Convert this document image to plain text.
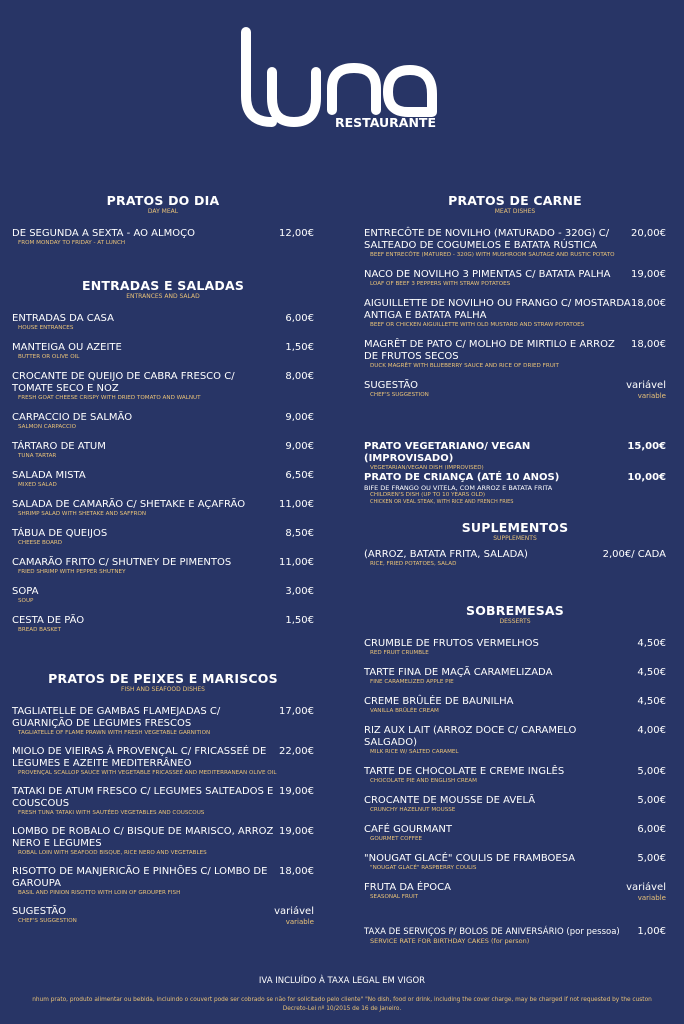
RESTAURANTE
PRATOS DO DIA
DAY MEAL
DE SEGUNDA A SEXTA - AO ALMOÇO	12,00€
FROM MONDAY TO FRIDAY - AT LUNCH
ENTRADAS E SALADAS
ENTRANCES AND SALAD
ENTRADAS DA CASA	6,00€
HOUSE ENTRANCES
MANTEIGA OU AZEITE	1,50€
BUTTER OR OLIVE OIL
CROCANTE DE QUEIJO DE CABRA FRESCO C/ TOMATE SECO E NOZ
8,00€
FRESH GOAT CHEESE CRISPY WITH DRIED TOMATO AND WALNUT
CARPACCIO DE SALMÃO	9,00€
SALMON CARPACCIO
TÁRTARO DE ATUM	9,00€
TUNA TARTAR
SALADA MISTA	6,50€
MIXED SALAD
SALADA DE CAMARÃO C/ SHETAKE E AÇAFRÃO	11,00€
SHRIMP SALAD WITH SHETAKE AND SAFFRON
TÁBUA DE QUEIJOS	8,50€
CHEESE BOARD
CAMARÃO FRITO C/ SHUTNEY DE PIMENTOS	11,00€
FRIED SHRIMP WITH PEPPER SHUTNEY
SOPA	3,00€
SOUP
CESTA DE PÃO	1,50€
BREAD BASKET
PRATOS DE PEIXES E MARISCOS
FISH AND SEAFOOD DISHES
TAGLIATELLE DE GAMBAS FLAMEJADAS C/ GUARNIÇÃO DE LEGUMES FRESCOS
17,00€
TAGLIATELLE OF FLAME PRAWN WITH FRESH VEGETABLE GARNITION
MIOLO DE VIEIRAS À PROVENÇAL C/ FRICASSEÉ DE LEGUMES E AZEITE MEDITERRÂNEO
22,00€
PROVENÇAL SCALLOP SAUCE WITH VEGETABLE FRICASSEÉ AND MEDITERRANEAN OLIVE OIL
TATAKI DE ATUM FRESCO C/ LEGUMES SALTEADOS E COUSCOUS
19,00€
FRESH TUNA TATAKI WITH SAUTÉED VEGETABLES AND COUSCOUS
LOMBO DE ROBALO C/ BISQUE DE MARISCO, ARROZ NERO E LEGUMES
19,00€
ROBAL LOIN WITH SEAFOOD BISQUE, RICE NERO AND VEGETABLES
RISOTTO DE MANJERICÃO E PINHÕES C/ LOMBO DE GAROUPA
18,00€
BASIL AND PINION RISOTTO WITH LOIN OF GROUPER FISH
SUGESTÃO	variável
variable
CHEF'S SUGGESTION
PRATOS DE CARNE
MEAT DISHES
ENTRECÔTE DE NOVILHO (MATURADO - 320G) C/ SALTEADO DE COGUMELOS E BATATA RÚSTICA
20,00€
BEEF ENTRECÔTE (MATURED - 320G) WITH MUSHROOM SAUTAGE AND RUSTIC POTATO
NACO DE NOVILHO 3 PIMENTAS C/ BATATA PALHA	19,00€
LOAF OF BEEF 3 PEPPERS WITH STRAW POTATOES
AIGUILLETTE DE NOVILHO OU FRANGO C/ MOSTARDA ANTIGA E BATATA PALHA
18,00€
BEEF OR CHICKEN AIGUILLETTE WITH OLD MUSTARD AND STRAW POTATOES
MAGRÊT DE PATO C/ MOLHO DE MIRTILO E ARROZ DE FRUTOS SECOS
18,00€
DUCK MAGRÊT WITH BLUEBERRY SAUCE AND RICE OF DRIED FRUIT
SUGESTÃO	variável
variable
CHEF'S SUGGESTION
PRATO VEGETARIANO/ VEGAN (IMPROVISADO)
15,00€
VEGETARIAN/VEGAN DISH (IMPROVISED)
PRATO DE CRIANÇA (ATÉ 10 ANOS)	10,00€
BIFE DE FRANGO OU VITELA, COM ARROZ E BATATA FRITA
CHILDREN'S DISH (UP TO 10 YEARS OLD)
CHICKEN OR VEAL STEAK, WITH RICE AND FRENCH FRIES
SUPLEMENTOS
SUPPLEMENTS
(ARROZ, BATATA FRITA, SALADA)	2,00€/ CADA
RICE, FRIED POTATOES, SALAD
SOBREMESAS
DESSERTS
CRUMBLE DE FRUTOS VERMELHOS	4,50€
RED FRUIT CRUMBLE
TARTE FINA DE MAÇÃ CARAMELIZADA	4,50€
FINE CARAMELIZED APPLE PIE
CREME BRÛLÉE DE BAUNILHA	4,50€
VANILLA BRÛLÉE CREAM
RIZ AUX LAIT (ARROZ DOCE C/ CARAMELO SALGADO)
4,00€
MILK RICE W/ SALTED CARAMEL
TARTE DE CHOCOLATE E CREME INGLÊS	5,00€
CHOCOLATE PIE AND ENGLISH CREAM
CROCANTE DE MOUSSE DE AVELÃ	5,00€
CRUNCHY HAZELNUT MOUSSE
CAFÉ GOURMANT	6,00€
GOURMET COFFEE
"NOUGAT GLACÉ" COULIS DE FRAMBOESA	5,00€
"NOUGAT GLACÉ" RASPBERRY COULIS
FRUTA DA ÉPOCA	variável
variable
SEASONAL FRUIT
TAXA DE SERVIÇOS P/ BOLOS DE ANIVERSÁRIO (por pessoa)	1,00€
SERVICE RATE FOR BIRTHDAY CAKES (for person)
IVA INCLUÍDO À TAXA LEGAL EM VIGOR
nhum prato, produto alimentar ou bebida, incluindo o couvert pode ser cobrado se não for solicitado pelo cliente" "No dish, food or drink, including the cover charge, may be charged if not requested by the custon
Decreto-Lei nº 10/2015 de 16 de Janeiro.
